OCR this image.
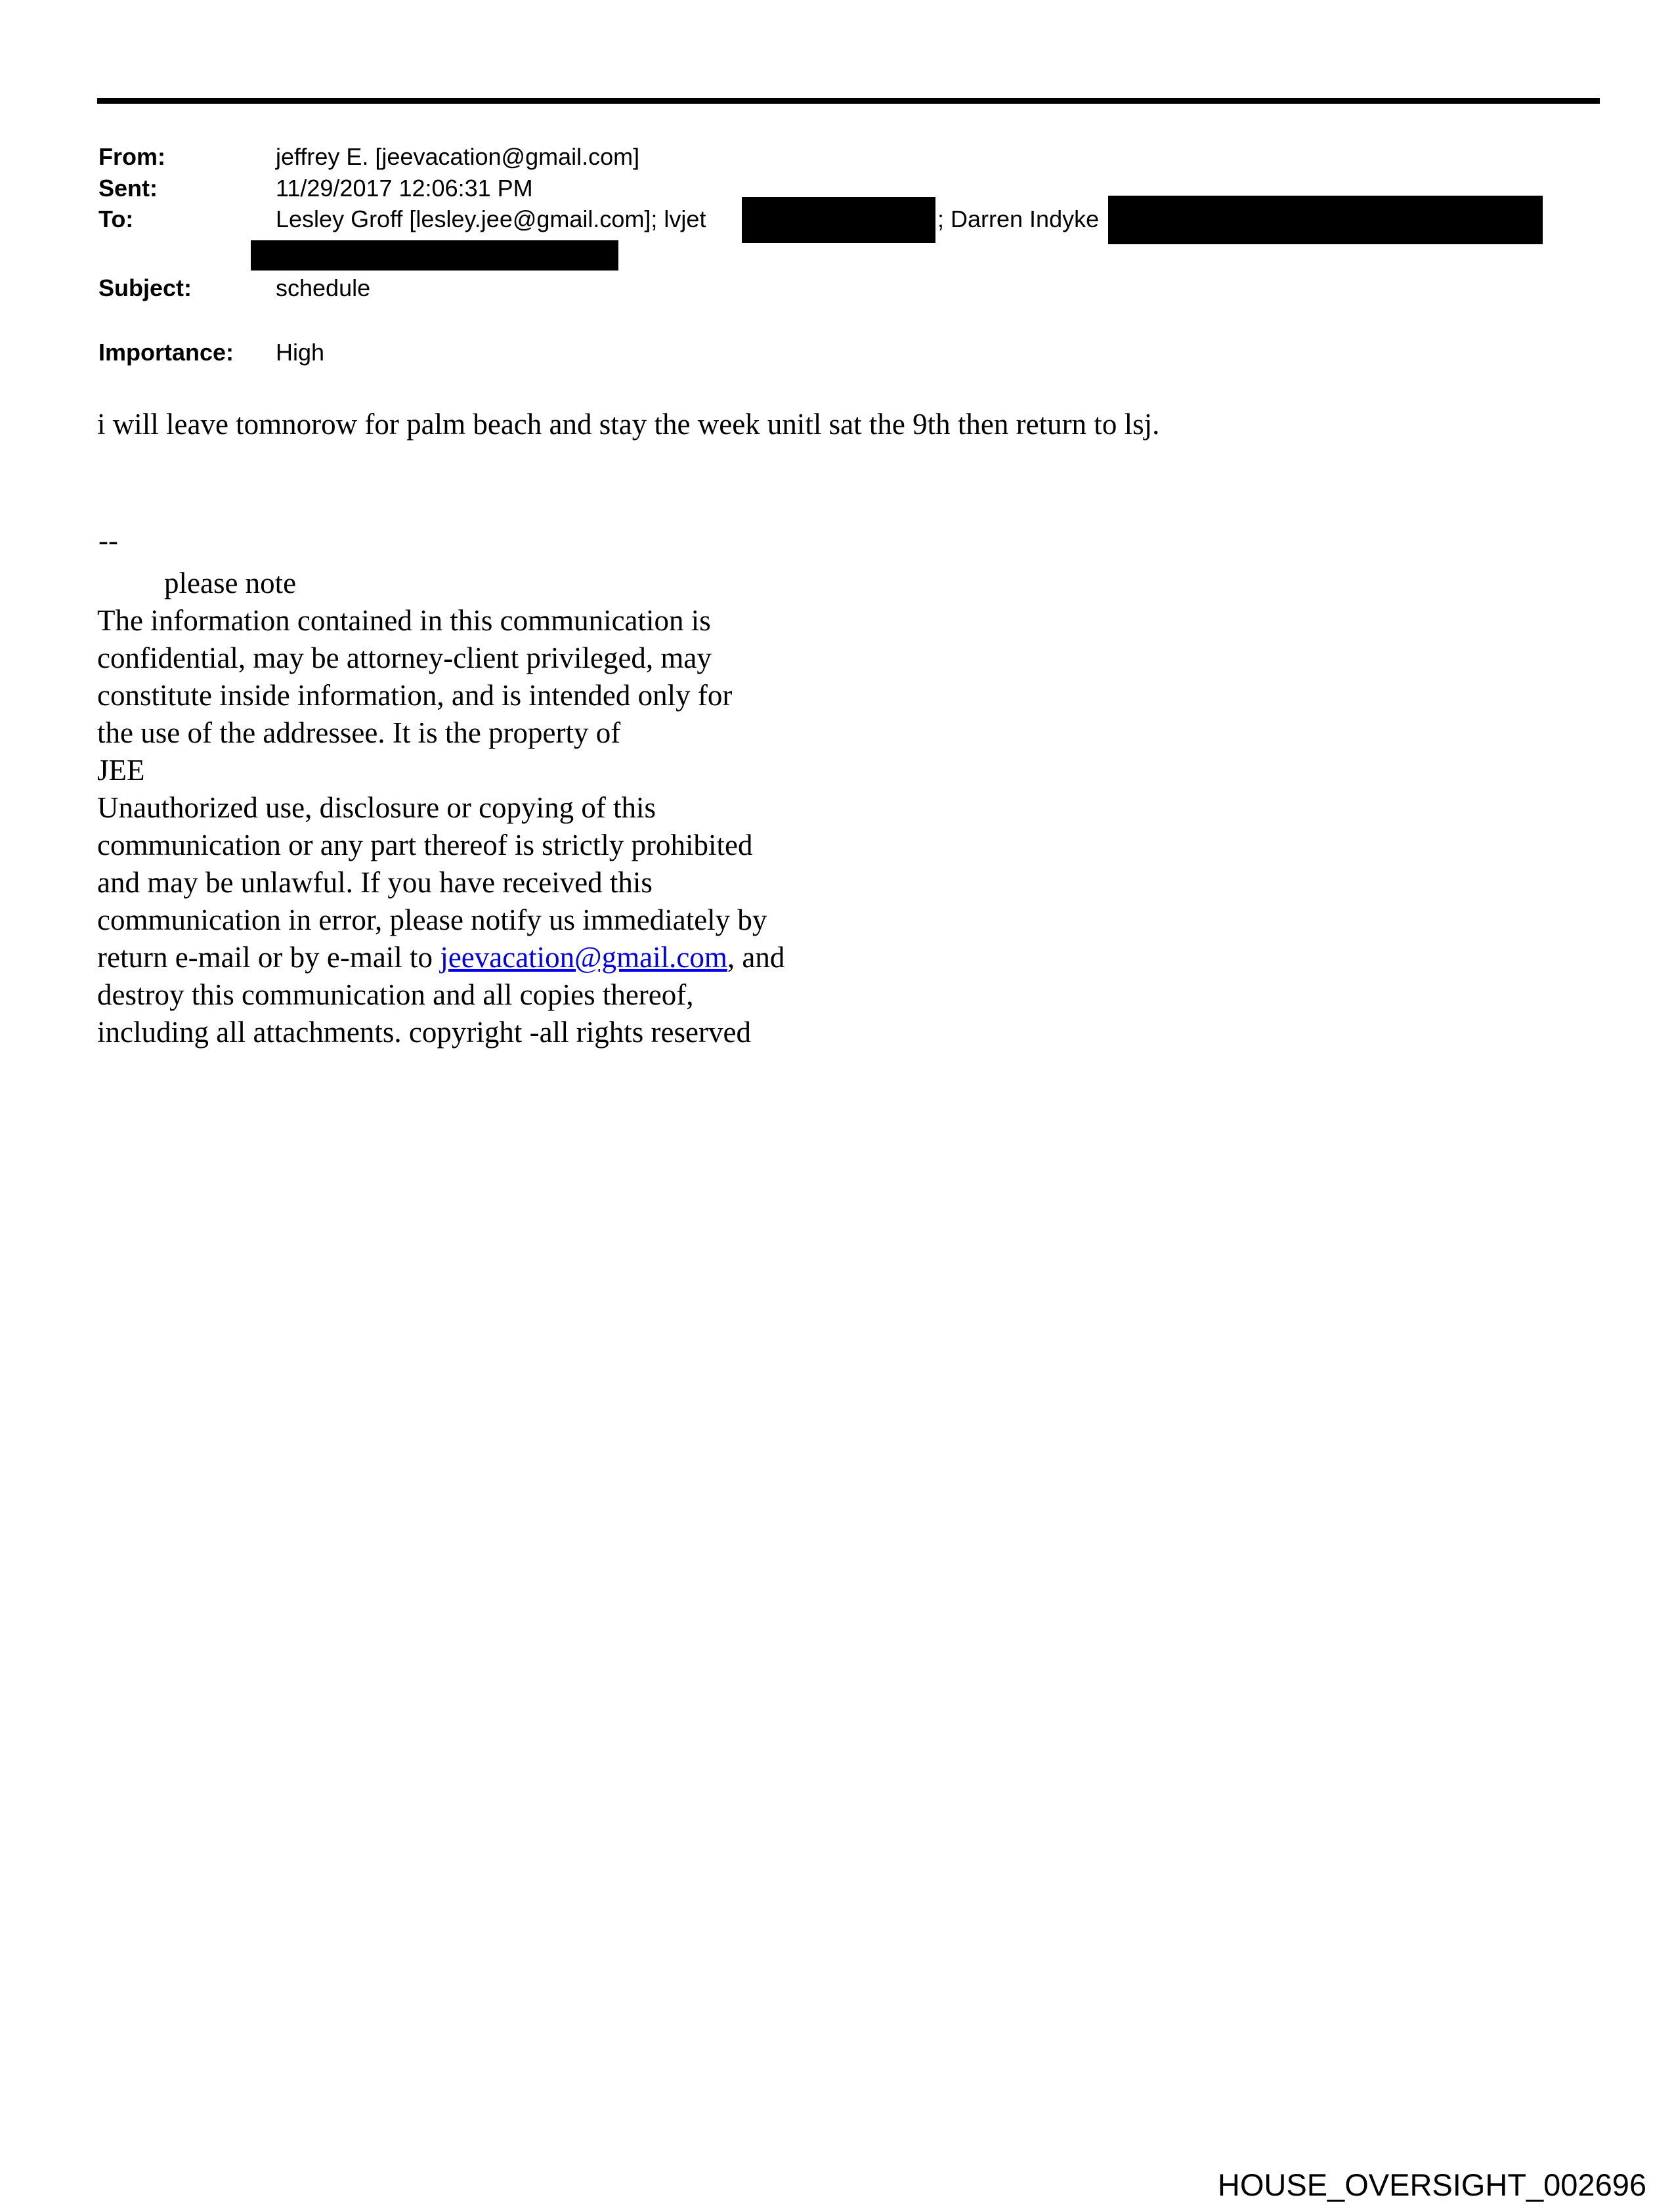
From:	jeffrey E. [jeevacation@gmail.com]
Sent:	11/29/2017 12:06:31 PM
To:	Lesley Groff [lesley.jee@gmail.com]; lvjet	; Darren Indyke
Subject:	schedule
Importance:	High
i will leave tomnorow for palm beach and stay the week unitl sat the 9th then return to lsj.
--
please note
The information contained in this communication is
confidential, may be attorney-client privileged, may
constitute inside information, and is intended only for
the use of the addressee. It is the property of
JEE
Unauthorized use, disclosure or copying of this
communication or any part thereof is strictly prohibited
and may be unlawful. If you have received this
communication in error, please notify us immediately by
return e-mail or by e-mail to jeevacation@gmail.com, and
destroy this communication and all copies thereof,
including all attachments. copyright -all rights reserved
HOUSE_OVERSIGHT_002696
